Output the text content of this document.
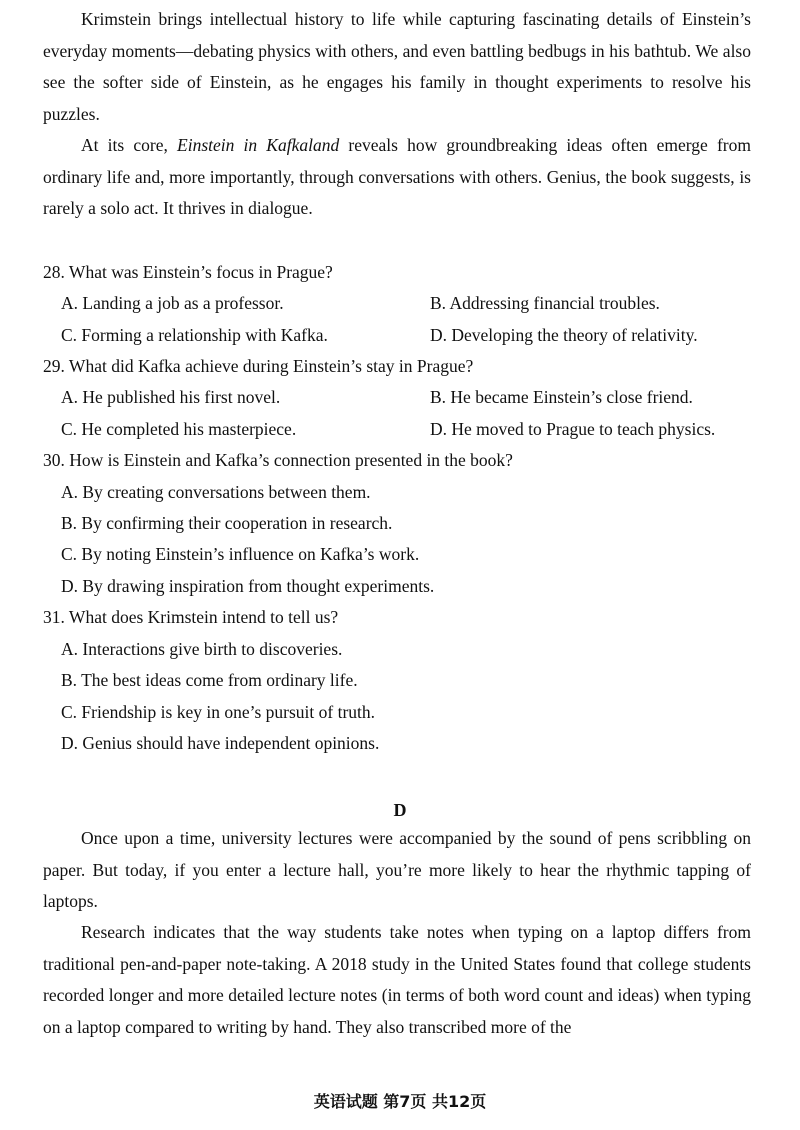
Krimstein brings intellectual history to life while capturing fascinating details of Einstein’s everyday moments—debating physics with others, and even battling bedbugs in his bathtub. We also see the softer side of Einstein, as he engages his family in thought experiments to resolve his puzzles.

At its core, Einstein in Kafkaland reveals how groundbreaking ideas often emerge from ordinary life and, more importantly, through conversations with others. Genius, the book suggests, is rarely a solo act. It thrives in dialogue.

28. What was Einstein’s focus in Prague?

A. Landing a job as a professor.	B. Addressing financial troubles.

C. Forming a relationship with Kafka.	D. Developing the theory of relativity.

29. What did Kafka achieve during Einstein’s stay in Prague?

A. He published his first novel.	B. He became Einstein’s close friend.

C. He completed his masterpiece.	D. He moved to Prague to teach physics.

30. How is Einstein and Kafka’s connection presented in the book?

A. By creating conversations between them.

B. By confirming their cooperation in research.

C. By noting Einstein’s influence on Kafka’s work.

D. By drawing inspiration from thought experiments.

31. What does Krimstein intend to tell us?

A. Interactions give birth to discoveries.

B. The best ideas come from ordinary life.

C. Friendship is key in one’s pursuit of truth.

D. Genius should have independent opinions.

D

Once upon a time, university lectures were accompanied by the sound of pens scribbling on paper. But today, if you enter a lecture hall, you’re more likely to hear the rhythmic tapping of laptops.

Research indicates that the way students take notes when typing on a laptop differs from traditional pen-and-paper note-taking. A 2018 study in the United States found that college students recorded longer and more detailed lecture notes (in terms of both word count and ideas) when typing on a laptop compared to writing by hand. They also transcribed more of the

英语试题 第7页 共12页
